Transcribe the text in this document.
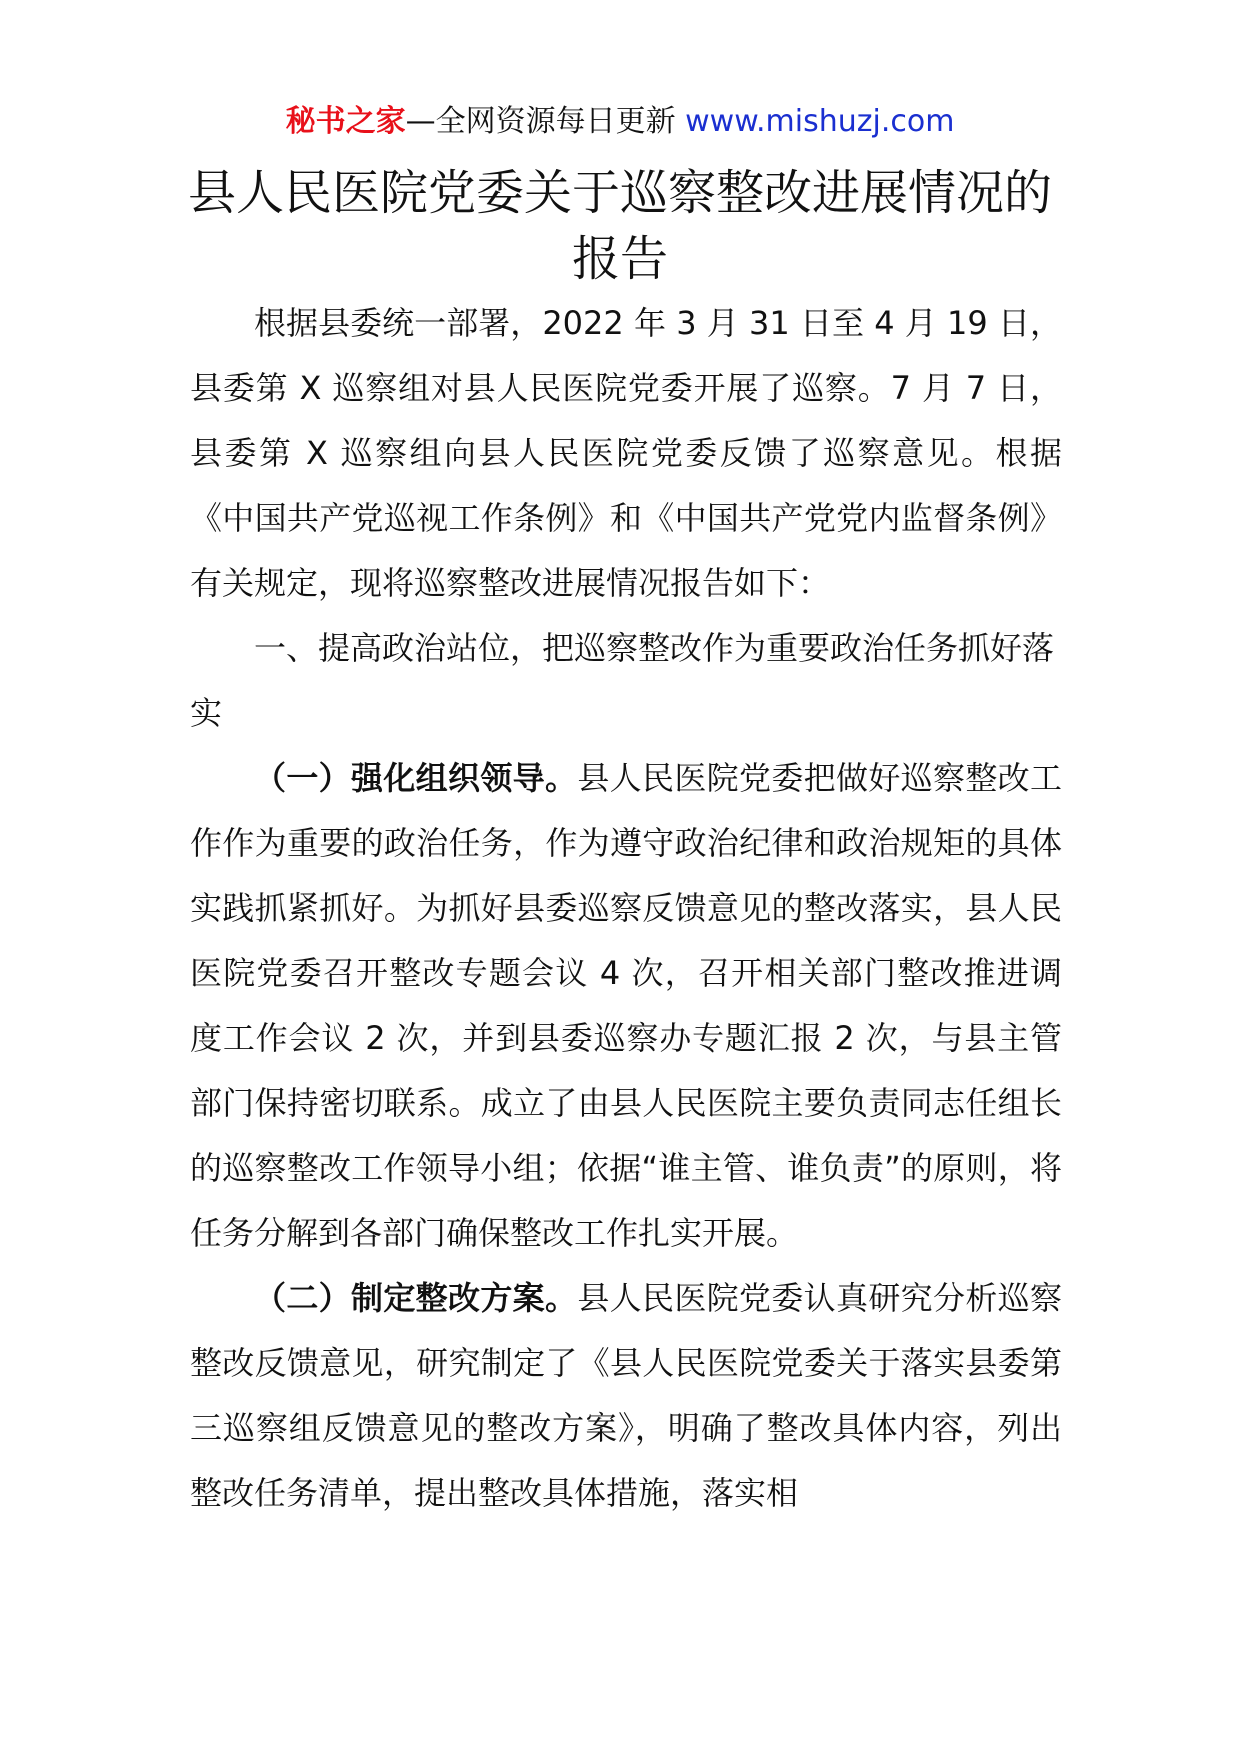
秘书之家—全网资源每日更新 www.mishuzj.com
县人民医院党委关于巡察整改进展情况的
报告

根据县委统一部署，2022 年 3 月 31 日至 4 月 19 日，县委第 X 巡察组对县人民医院党委开展了巡察。7 月 7 日，县委第 X 巡察组向县人民医院党委反馈了巡察意见。根据《中国共产党巡视工作条例》和《中国共产党党内监督条例》有关规定，现将巡察整改进展情况报告如下：

一、提高政治站位，把巡察整改作为重要政治任务抓好落实

（一）强化组织领导。县人民医院党委把做好巡察整改工作作为重要的政治任务，作为遵守政治纪律和政治规矩的具体实践抓紧抓好。为抓好县委巡察反馈意见的整改落实，县人民医院党委召开整改专题会议 4 次，召开相关部门整改推进调度工作会议 2 次，并到县委巡察办专题汇报 2 次，与县主管部门保持密切联系。成立了由县人民医院主要负责同志任组长的巡察整改工作领导小组；依据“谁主管、谁负责”的原则，将任务分解到各部门确保整改工作扎实开展。

（二）制定整改方案。县人民医院党委认真研究分析巡察整改反馈意见，研究制定了《县人民医院党委关于落实县委第三巡察组反馈意见的整改方案》，明确了整改具体内容，列出整改任务清单，提出整改具体措施，落实相
